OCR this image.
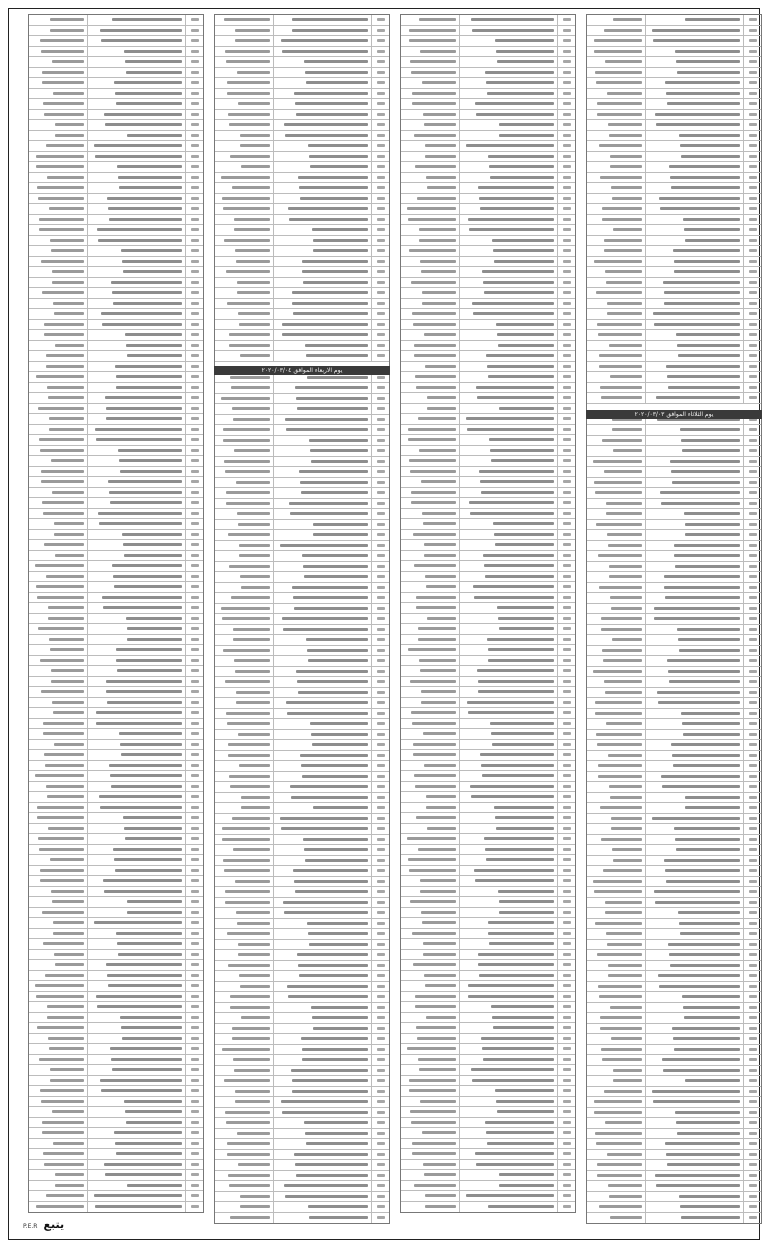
يوم الثلاثاء الموافق ٢٠٢٠/٠٣/٠٣
يوم الاربعاء الموافق ٢٠٢٠/٠٣/٠٤
يتبع
P.E.R
